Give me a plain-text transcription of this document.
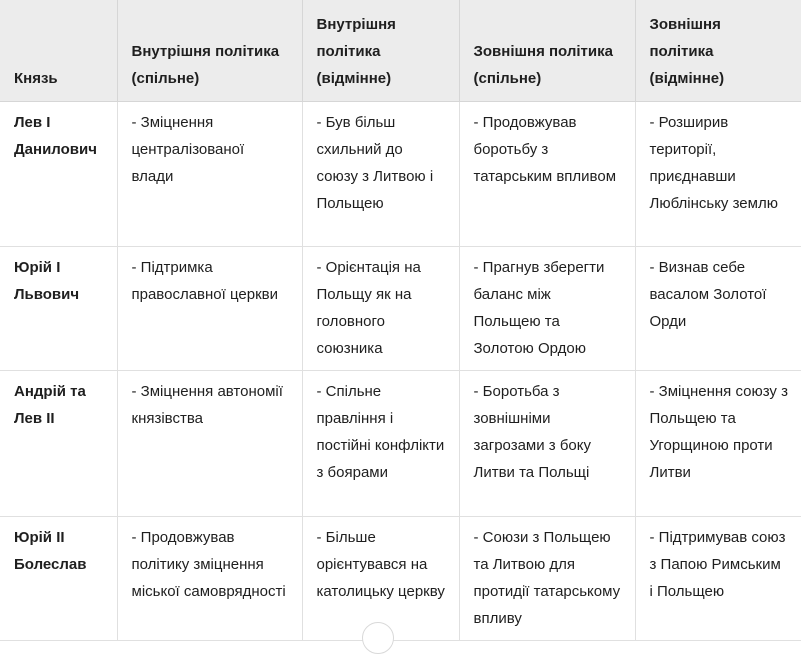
Князь	Внутрішня політика (спільне)	Внутрішня політика (відмінне)	Зовнішня політика (спільне)	Зовнішня політика (відмінне)
Лев І Данилович	- Зміцнення централізованої влади	- Був більш схильний до союзу з Литвою і Польщею	- Продовжував боротьбу з татарським впливом	- Розширив території, приєднавши Люблінську землю
Юрій І Львович	- Підтримка православної церкви	- Орієнтація на Польщу як на головного союзника	- Прагнув зберегти баланс між Польщею та Золотою Ордою	- Визнав себе васалом Золотої Орди
Андрій та Лев ІІ	- Зміцнення автономії князівства	- Спільне правління і постійні конфлікти з боярами	- Боротьба з зовнішніми загрозами з боку Литви та Польщі	- Зміцнення союзу з Польщею та Угорщиною проти Литви
Юрій ІІ Болеслав	- Продовжував політику зміцнення міської самоврядності	- Більше орієнтувався на католицьку церкву	- Союзи з Польщею та Литвою для протидії татарському впливу	- Підтримував союз з Папою Римським і Польщею
